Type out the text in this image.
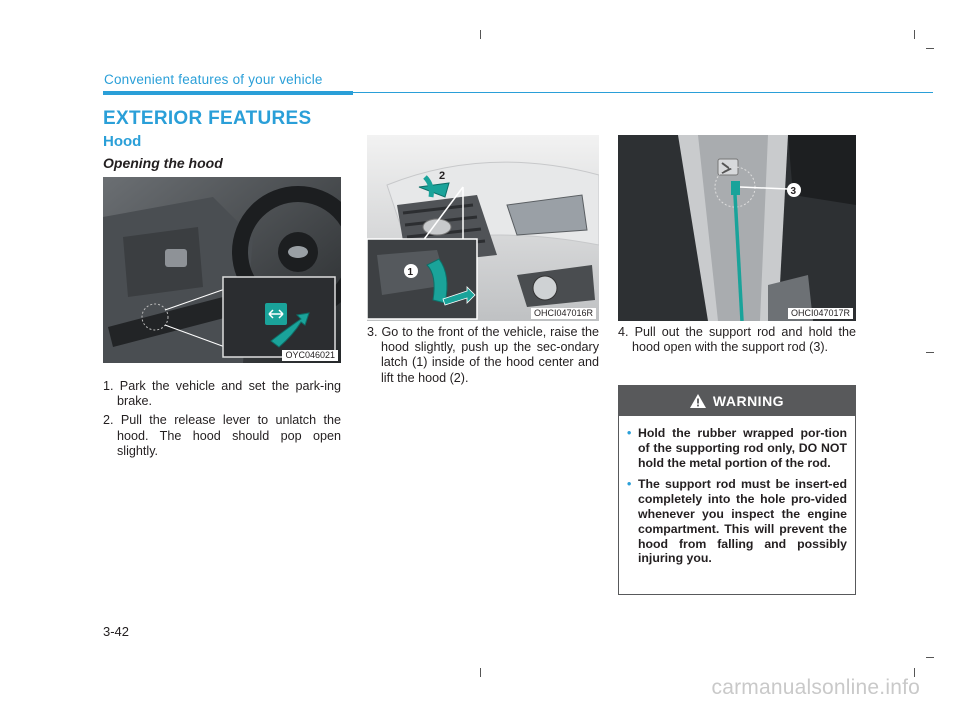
Convenient features of your vehicle
EXTERIOR FEATURES
Hood
Opening the hood
OYC046021
2
1
OHCI047016R
3
OHCI047017R
1. Park the vehicle and set the park-ing brake.
2. Pull the release lever to unlatch the hood. The hood should pop open slightly.
3. Go to the front of the vehicle, raise the hood slightly, push up the sec-ondary latch (1) inside of the hood center and lift the hood (2).
4. Pull out the support rod and hold the hood open with the support rod (3).
WARNING
• Hold the rubber wrapped por-tion of the supporting rod only, DO NOT hold the metal portion of the rod.
• The support rod must be insert-ed completely into the hole pro-vided whenever you inspect the engine compartment. This will prevent the hood from falling and possibly injuring you.
3-42
carmanualsonline.info
